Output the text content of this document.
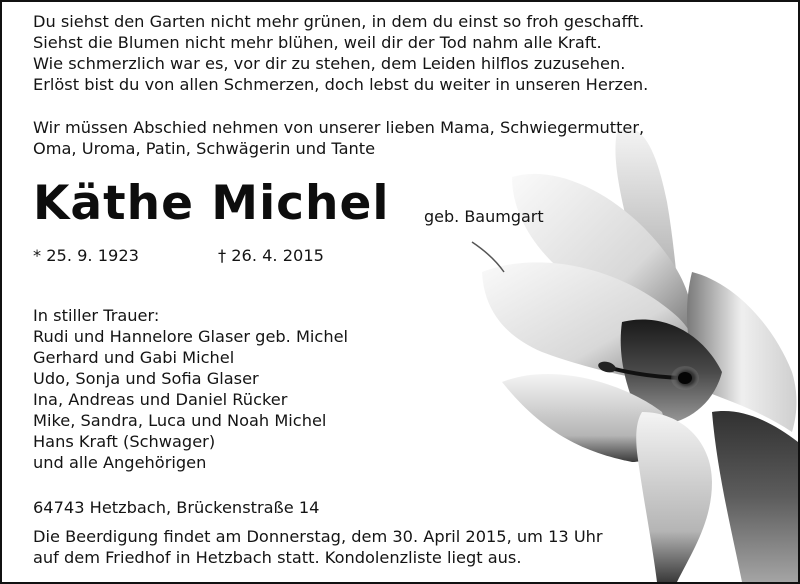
Du siehst den Garten nicht mehr grünen, in dem du einst so froh geschafft.
Siehst die Blumen nicht mehr blühen, weil dir der Tod nahm alle Kraft.
Wie schmerzlich war es, vor dir zu stehen, dem Leiden hilflos zuzusehen.
Erlöst bist du von allen Schmerzen, doch lebst du weiter in unseren Herzen.
Wir müssen Abschied nehmen von unserer lieben Mama, Schwiegermutter,
Oma, Uroma, Patin, Schwägerin und Tante
Käthe Michel geb. Baumgart
* 25. 9. 1923	† 26. 4. 2015
In stiller Trauer:
Rudi und Hannelore Glaser geb. Michel
Gerhard und Gabi Michel
Udo, Sonja und Sofia Glaser
Ina, Andreas und Daniel Rücker
Mike, Sandra, Luca und Noah Michel
Hans Kraft (Schwager)
und alle Angehörigen
64743 Hetzbach, Brückenstraße 14
Die Beerdigung findet am Donnerstag, dem 30. April 2015, um 13 Uhr
auf dem Friedhof in Hetzbach statt. Kondolenzliste liegt aus.
